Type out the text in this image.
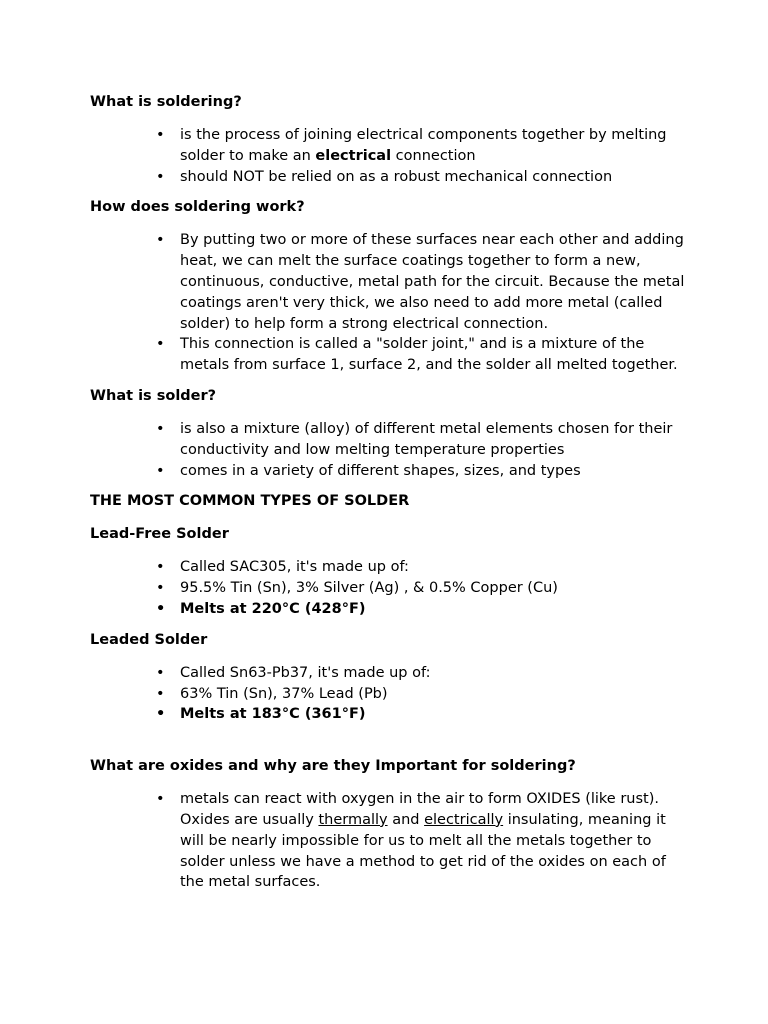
What is soldering?
• is the process of joining electrical components together by melting solder to make an electrical connection
• should NOT be relied on as a robust mechanical connection
How does soldering work?
• By putting two or more of these surfaces near each other and adding heat, we can melt the surface coatings together to form a new, continuous, conductive, metal path for the circuit. Because the metal coatings aren't very thick, we also need to add more metal (called solder) to help form a strong electrical connection.
• This connection is called a "solder joint," and is a mixture of the metals from surface 1, surface 2, and the solder all melted together.
What is solder?
• is also a mixture (alloy) of different metal elements chosen for their conductivity and low melting temperature properties
• comes in a variety of different shapes, sizes, and types
THE MOST COMMON TYPES OF SOLDER
Lead-Free Solder
• Called SAC305, it's made up of:
• 95.5% Tin (Sn), 3% Silver (Ag) , & 0.5% Copper (Cu)
• Melts at 220°C (428°F)
Leaded Solder
• Called Sn63-Pb37, it's made up of:
• 63% Tin (Sn), 37% Lead (Pb)
• Melts at 183°C (361°F)
What are oxides and why are they Important for soldering?
• metals can react with oxygen in the air to form OXIDES (like rust). Oxides are usually thermally and electrically insulating, meaning it will be nearly impossible for us to melt all the metals together to solder unless we have a method to get rid of the oxides on each of the metal surfaces.
